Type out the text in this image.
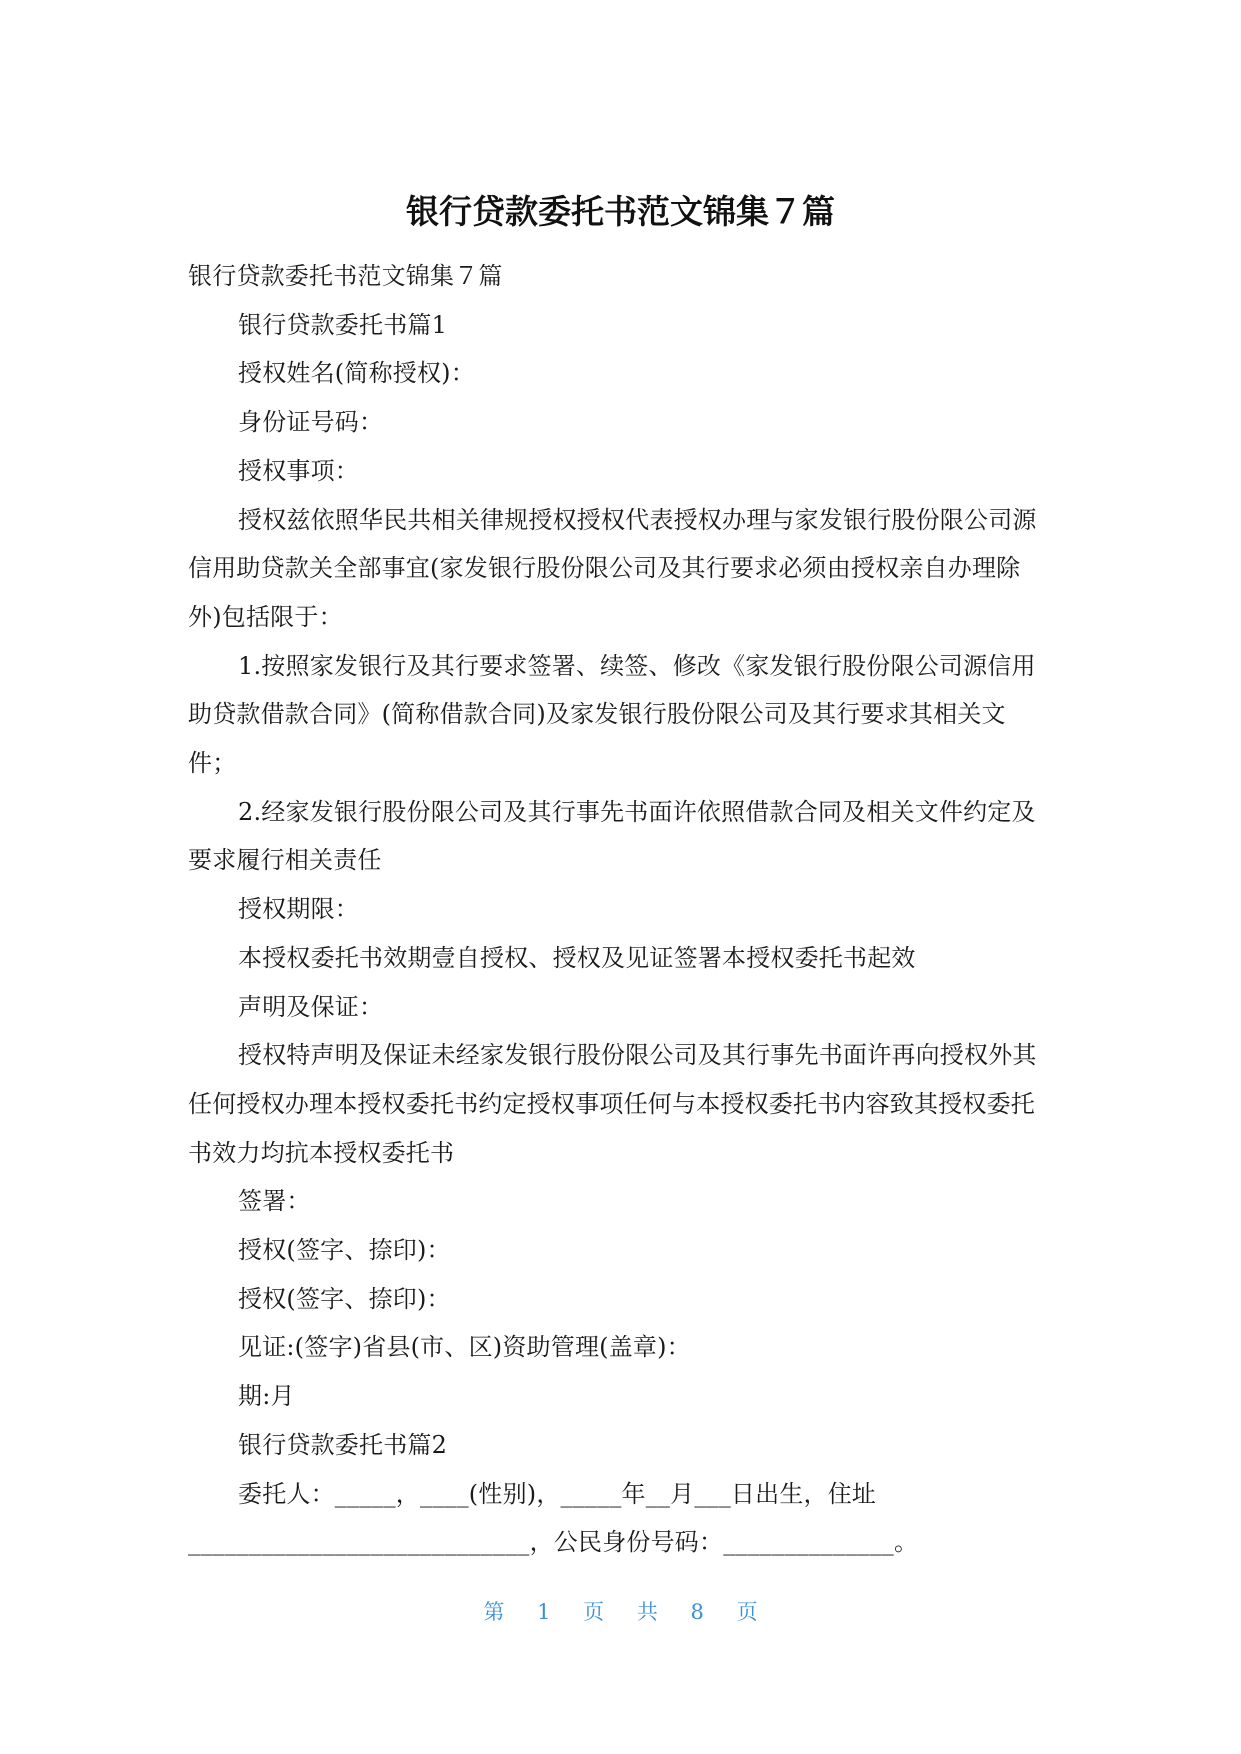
银行贷款委托书范文锦集７篇

银行贷款委托书范文锦集７篇

银行贷款委托书篇1

授权姓名(简称授权)：

身份证号码：

授权事项：

授权兹依照华民共相关律规授权授权代表授权办理与家发银行股份限公司源信用助贷款关全部事宜(家发银行股份限公司及其行要求必须由授权亲自办理除外)包括限于：

1.按照家发银行及其行要求签署、续签、修改《家发银行股份限公司源信用助贷款借款合同》(简称借款合同)及家发银行股份限公司及其行要求其相关文件；

2.经家发银行股份限公司及其行事先书面许依照借款合同及相关文件约定及要求履行相关责任

授权期限：

本授权委托书效期壹自授权、授权及见证签署本授权委托书起效

声明及保证：

授权特声明及保证未经家发银行股份限公司及其行事先书面许再向授权外其任何授权办理本授权委托书约定授权事项任何与本授权委托书内容致其授权委托书效力均抗本授权委托书

签署：

授权(签字、捺印)：

授权(签字、捺印)：

见证:(签字)省县(市、区)资助管理(盖章)：

期:月

银行贷款委托书篇2

委托人：_____，____(性别)，_____年__月___日出生，住址____________________________，公民身份号码：______________。

第 1 页 共 8 页
